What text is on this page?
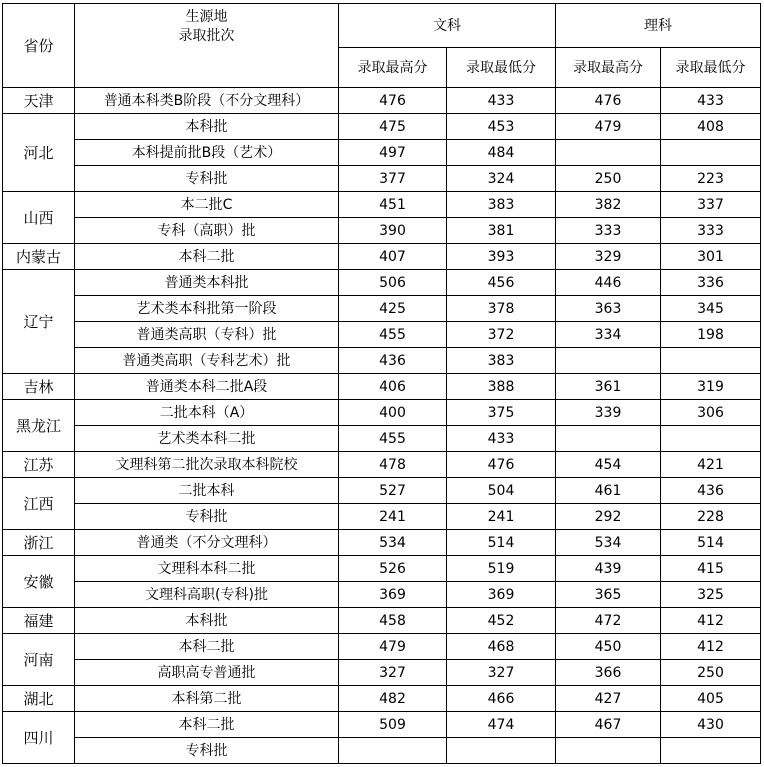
省份	生源地
录取批次	文科		理科	
		录取最高分	录取最低分	录取最高分	录取最低分
天津	普通本科类B阶段（不分文理科）	476	433	476	433
河北	本科批	475	453	479	408
	本科提前批B段（艺术）	497	484		
	专科批	377	324	250	223
山西	本二批C	451	383	382	337
	专科（高职）批	390	381	333	333
内蒙古	本科二批	407	393	329	301
辽宁	普通类本科批	506	456	446	336
	艺术类本科批第一阶段	425	378	363	345
	普通类高职（专科）批	455	372	334	198
	普通类高职（专科艺术）批	436	383		
吉林	普通类本科二批A段	406	388	361	319
黑龙江	二批本科（A）	400	375	339	306
	艺术类本科二批	455	433		
江苏	文理科第二批次录取本科院校	478	476	454	421
江西	二批本科	527	504	461	436
	专科批	241	241	292	228
浙江	普通类（不分文理科）	534	514	534	514
安徽	文理科本科二批	526	519	439	415
	文理科高职(专科)批	369	369	365	325
福建	本科批	458	452	472	412
河南	本科二批	479	468	450	412
	高职高专普通批	327	327	366	250
湖北	本科第二批	482	466	427	405
四川	本科二批	509	474	467	430
	专科批				
